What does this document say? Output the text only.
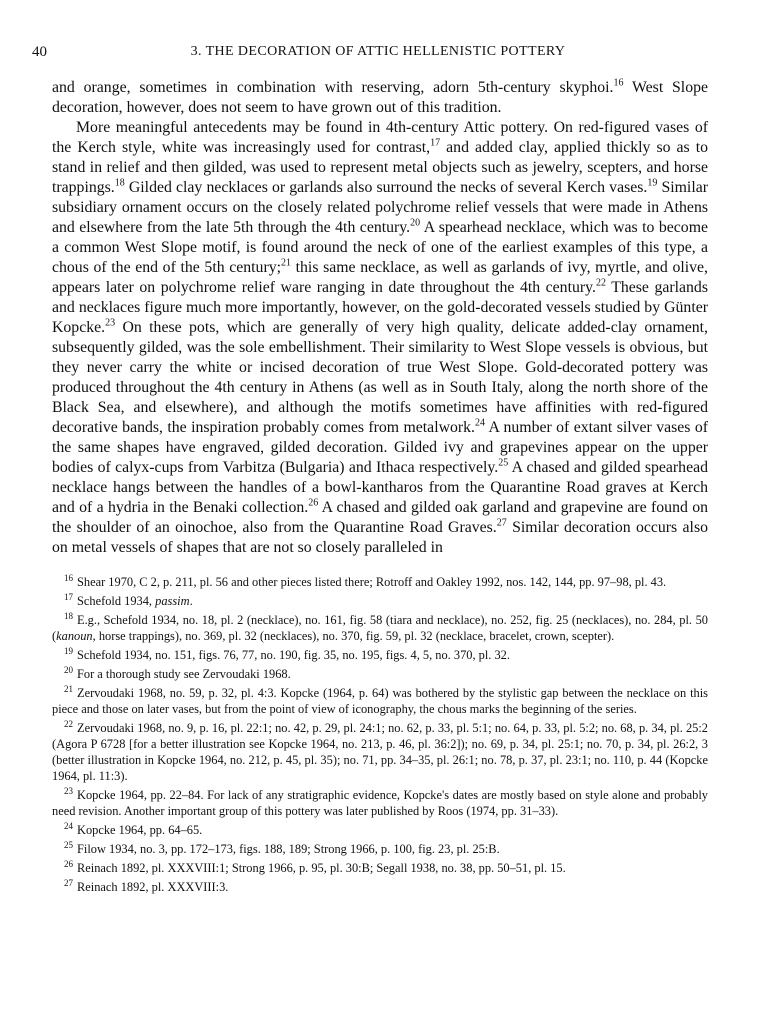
40	3. THE DECORATION OF ATTIC HELLENISTIC POTTERY

and orange, sometimes in combination with reserving, adorn 5th-century skyphoi.$^{16}$ West Slope decoration, however, does not seem to have grown out of this tradition.

More meaningful antecedents may be found in 4th-century Attic pottery. On red-figured vases of the Kerch style, white was increasingly used for contrast,$^{17}$ and added clay, applied thickly so as to stand in relief and then gilded, was used to represent metal objects such as jewelry, scepters, and horse trappings.$^{18}$ Gilded clay necklaces or garlands also surround the necks of several Kerch vases.$^{19}$ Similar subsidiary ornament occurs on the closely related polychrome relief vessels that were made in Athens and elsewhere from the late 5th through the 4th century.$^{20}$ A spearhead necklace, which was to become a common West Slope motif, is found around the neck of one of the earliest examples of this type, a chous of the end of the 5th century;$^{21}$ this same necklace, as well as garlands of ivy, myrtle, and olive, appears later on polychrome relief ware ranging in date throughout the 4th century.$^{22}$ These garlands and necklaces figure much more importantly, however, on the gold-decorated vessels studied by Günter Kopcke.$^{23}$ On these pots, which are generally of very high quality, delicate added-clay ornament, subsequently gilded, was the sole embellishment. Their similarity to West Slope vessels is obvious, but they never carry the white or incised decoration of true West Slope. Gold-decorated pottery was produced throughout the 4th century in Athens (as well as in South Italy, along the north shore of the Black Sea, and elsewhere), and although the motifs sometimes have affinities with red-figured decorative bands, the inspiration probably comes from metalwork.$^{24}$ A number of extant silver vases of the same shapes have engraved, gilded decoration. Gilded ivy and grapevines appear on the upper bodies of calyx-cups from Varbitza (Bulgaria) and Ithaca respectively.$^{25}$ A chased and gilded spearhead necklace hangs between the handles of a bowl-kantharos from the Quarantine Road graves at Kerch and of a hydria in the Benaki collection.$^{26}$ A chased and gilded oak garland and grapevine are found on the shoulder of an oinochoe, also from the Quarantine Road Graves.$^{27}$ Similar decoration occurs also on metal vessels of shapes that are not so closely paralleled in

$^{16}$ Shear 1970, C 2, p. 211, pl. 56 and other pieces listed there; Rotroff and Oakley 1992, nos. 142, 144, pp. 97–98, pl. 43.

$^{17}$ Schefold 1934, passim.

$^{18}$ E.g., Schefold 1934, no. 18, pl. 2 (necklace), no. 161, fig. 58 (tiara and necklace), no. 252, fig. 25 (necklaces), no. 284, pl. 50 (kanoun, horse trappings), no. 369, pl. 32 (necklaces), no. 370, fig. 59, pl. 32 (necklace, bracelet, crown, scepter).

$^{19}$ Schefold 1934, no. 151, figs. 76, 77, no. 190, fig. 35, no. 195, figs. 4, 5, no. 370, pl. 32.

$^{20}$ For a thorough study see Zervoudaki 1968.

$^{21}$ Zervoudaki 1968, no. 59, p. 32, pl. 4:3. Kopcke (1964, p. 64) was bothered by the stylistic gap between the necklace on this piece and those on later vases, but from the point of view of iconography, the chous marks the beginning of the series.

$^{22}$ Zervoudaki 1968, no. 9, p. 16, pl. 22:1; no. 42, p. 29, pl. 24:1; no. 62, p. 33, pl. 5:1; no. 64, p. 33, pl. 5:2; no. 68, p. 34, pl. 25:2 (Agora P 6728 [for a better illustration see Kopcke 1964, no. 213, p. 46, pl. 36:2]); no. 69, p. 34, pl. 25:1; no. 70, p. 34, pl. 26:2, 3 (better illustration in Kopcke 1964, no. 212, p. 45, pl. 35); no. 71, pp. 34–35, pl. 26:1; no. 78, p. 37, pl. 23:1; no. 110, p. 44 (Kopcke 1964, pl. 11:3).

$^{23}$ Kopcke 1964, pp. 22–84. For lack of any stratigraphic evidence, Kopcke's dates are mostly based on style alone and probably need revision. Another important group of this pottery was later published by Roos (1974, pp. 31–33).

$^{24}$ Kopcke 1964, pp. 64–65.

$^{25}$ Filow 1934, no. 3, pp. 172–173, figs. 188, 189; Strong 1966, p. 100, fig. 23, pl. 25:B.

$^{26}$ Reinach 1892, pl. XXXVIII:1; Strong 1966, p. 95, pl. 30:B; Segall 1938, no. 38, pp. 50–51, pl. 15.

$^{27}$ Reinach 1892, pl. XXXVIII:3.
